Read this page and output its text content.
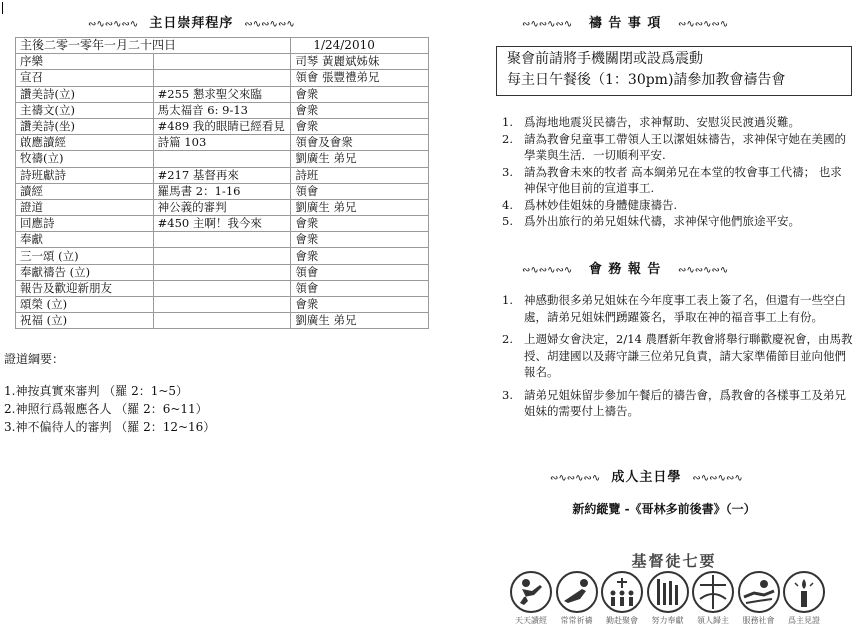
∾∿∾∿∾∿ 主日崇拜程序 ∾∿∾∿∾∿
主後二零一零年一月二十四日		1/24/2010
序樂		司琴 黃麗斌姊妹
宣召		領會 張豐禮弟兄
讚美詩(立)	#255 懇求聖父來臨	會衆
主禱文(立)	馬太福音 6: 9-13	會衆
讚美詩(坐)	#489 我的眼睛已經看見	會衆
啟應讀經	詩篇 103	領會及會衆
牧禱(立)		劉廣生 弟兄
詩班獻詩	#217 基督再來	詩班
讀經	羅馬書 2：1-16	領會
證道	神公義的審判	劉廣生 弟兄
回應詩	#450 主啊！我今來	會衆
奉獻		會衆
三一頌 (立)		會衆
奉獻禱告 (立)		領會
報告及歡迎新朋友		領會
頌榮 (立)		會衆
祝福 (立)		劉廣生 弟兄
證道綱要：
1.神按真實來審判 （羅 2：1~5）
2.神照行爲報應各人 （羅 2：6~11）
3.神不偏待人的審判 （羅 2：12~16）
∾∿∾∿∾∿ 禱 告 事 項 ∾∿∾∿∾∿
聚會前請將手機關閉或設爲震動
每主日午餐後（1：30pm)請參加教會禱告會
1. 爲海地地震災民禱告，求神幫助、安慰災民渡過災難。
2. 請為教會兒童事工帶領人王以潔姐妹禱告，求神保守她在美國的學業與生活．一切順利平安.
3. 請為教會未來的牧者 高本綱弟兄在本堂的牧會事工代禱； 也求神保守他目前的宣道事工.
4. 爲林妙佳姐妹的身體健康禱告.
5. 爲外出旅行的弟兄姐妹代禱，求神保守他們旅途平安。
∾∿∾∿∾∿ 會 務 報 告 ∾∿∾∿∾∿
1. 神感動很多弟兄姐妹在今年度事工表上簽了名，但還有一些空白處，請弟兄姐妹們踴躍簽名，爭取在神的福音事工上有份。
2. 上週婦女會決定，2/14 農曆新年教會將舉行聯歡慶祝會，由馬教授、胡建國以及蔣守謙三位弟兄負責，請大家準備節目並向他們報名。
3. 請弟兄姐妹留步參加午餐后的禱告會，爲教會的各樣事工及弟兄姐妹的需要付上禱告。
∾∿∾∿∾∿ 成人主日學 ∾∿∾∿∾∿
新約縱覽 -《哥林多前後書》（一）
基督徒七要
天天讀經	常常祈禱	勤赴聚會	努力奉獻	領人歸主	服務社會	爲主見證
